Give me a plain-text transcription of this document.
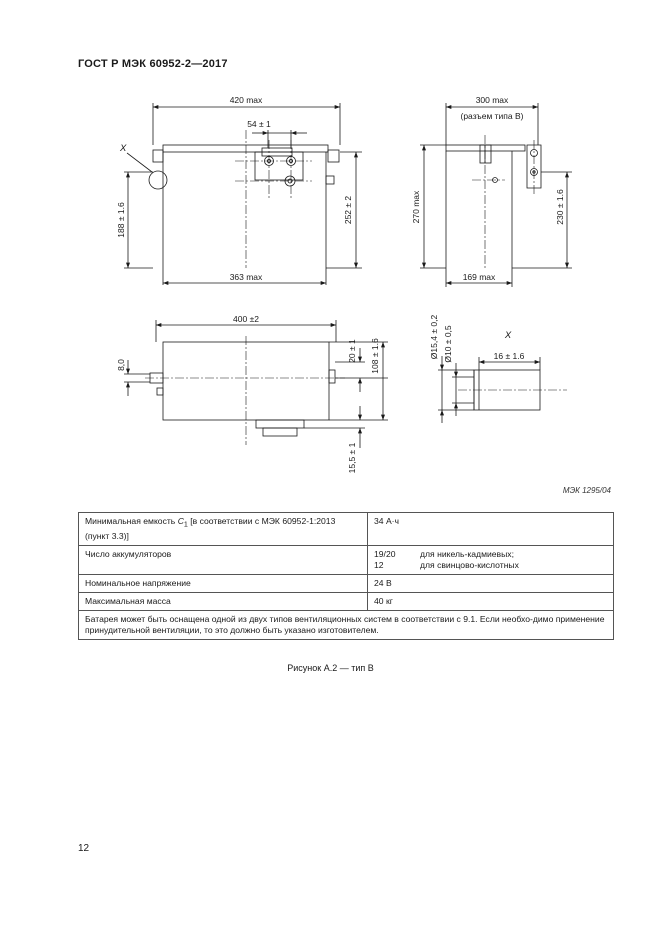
ГОСТ Р МЭК 60952-2—2017
420 max
54 ± 1
363 max
188 ± 1.6	252 ± 2
X
300 max
(разъем типа B)
270 max	230 ± 1.6
169 max
400 ±2
8,0
20 ± 1 108 ± 1.6
15,5 ± 1
Ø15,4 ± 0,2 Ø10 ± 0,5	16 ± 1.6
X
МЭК 1295/04
Минимальная емкость $C_1$ [в соответствии с МЭК 60952-1:2013 (пункт 3.3)]	34 А·ч
Число аккумуляторов	19/20 для никель-кадмиевых;
12 для свинцово-кислотных

Номинальное напряжение	24 В
Максимальная масса	40 кг
Батарея может быть оснащена одной из двух типов вентиляционных систем в соответствии с 9.1. Если необхо-димо применение принудительной вентиляции, то это должно быть указано изготовителем.	
Рисунок А.2 — тип В
12
